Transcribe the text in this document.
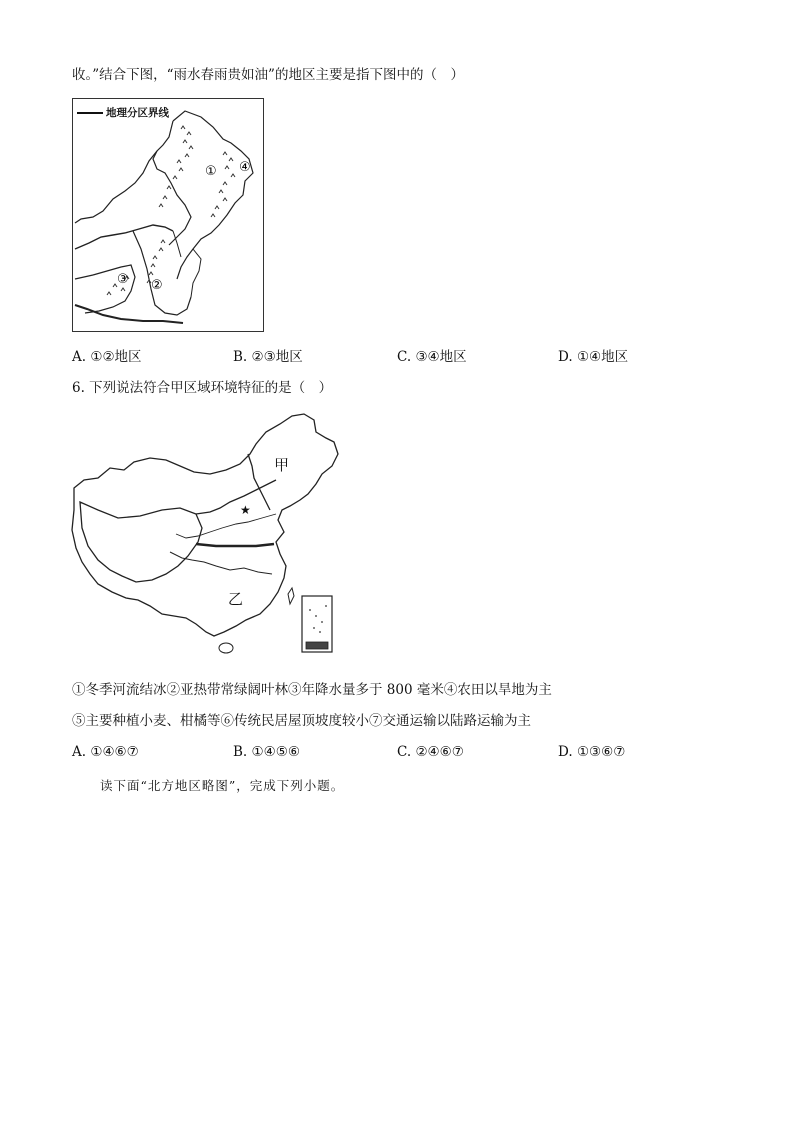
收。”结合下图，“雨水春雨贵如油”的地区主要是指下图中的（　）
地理分区界线
① ④
③ ②
A. ①②地区	B. ②③地区	C. ③④地区	D. ①④地区
6. 下列说法符合甲区域环境特征的是（　）
甲
乙
★
①冬季河流结冰②亚热带常绿阔叶林③年降水量多于 800 毫米④农田以旱地为主
⑤主要种植小麦、柑橘等⑥传统民居屋顶坡度较小⑦交通运输以陆路运输为主
A. ①④⑥⑦	B. ①④⑤⑥	C. ②④⑥⑦	D. ①③⑥⑦
读下面“北方地区略图”，完成下列小题。
